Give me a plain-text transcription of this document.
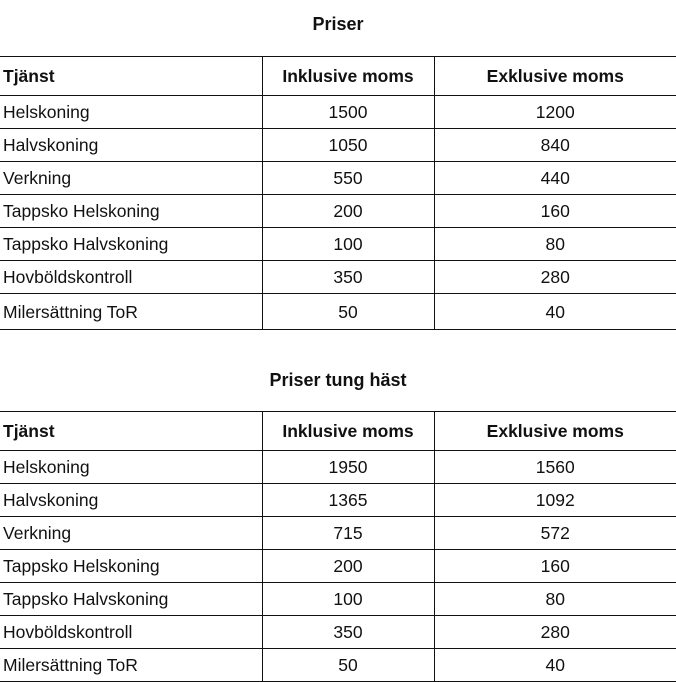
Priser
Tjänst	Inklusive moms	Exklusive moms
Helskoning	1500	1200
Halvskoning	1050	840
Verkning	550	440
Tappsko Helskoning	200	160
Tappsko Halvskoning	100	80
Hovböldskontroll	350	280
Milersättning ToR	50	40
Priser tung häst
Tjänst	Inklusive moms	Exklusive moms
Helskoning	1950	1560
Halvskoning	1365	1092
Verkning	715	572
Tappsko Helskoning	200	160
Tappsko Halvskoning	100	80
Hovböldskontroll	350	280
Milersättning ToR	50	40
